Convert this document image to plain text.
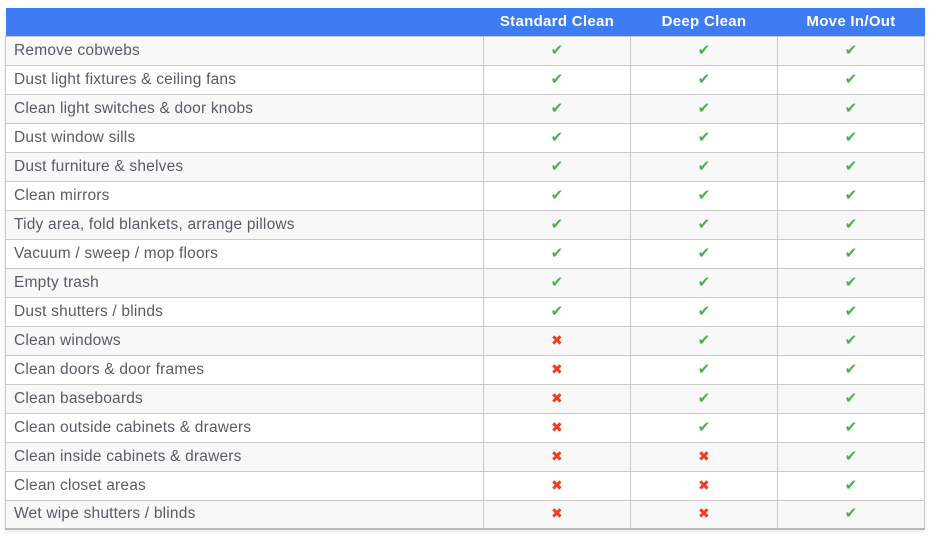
	Standard Clean	Deep Clean	Move In/Out
Remove cobwebs	✔	✔	✔
Dust light fixtures & ceiling fans	✔	✔	✔
Clean light switches & door knobs	✔	✔	✔
Dust window sills	✔	✔	✔
Dust furniture & shelves	✔	✔	✔
Clean mirrors	✔	✔	✔
Tidy area, fold blankets, arrange pillows	✔	✔	✔
Vacuum / sweep / mop floors	✔	✔	✔
Empty trash	✔	✔	✔
Dust shutters / blinds	✔	✔	✔
Clean windows	✖	✔	✔
Clean doors & door frames	✖	✔	✔
Clean baseboards	✖	✔	✔
Clean outside cabinets & drawers	✖	✔	✔
Clean inside cabinets & drawers	✖	✖	✔
Clean closet areas	✖	✖	✔
Wet wipe shutters / blinds	✖	✖	✔
